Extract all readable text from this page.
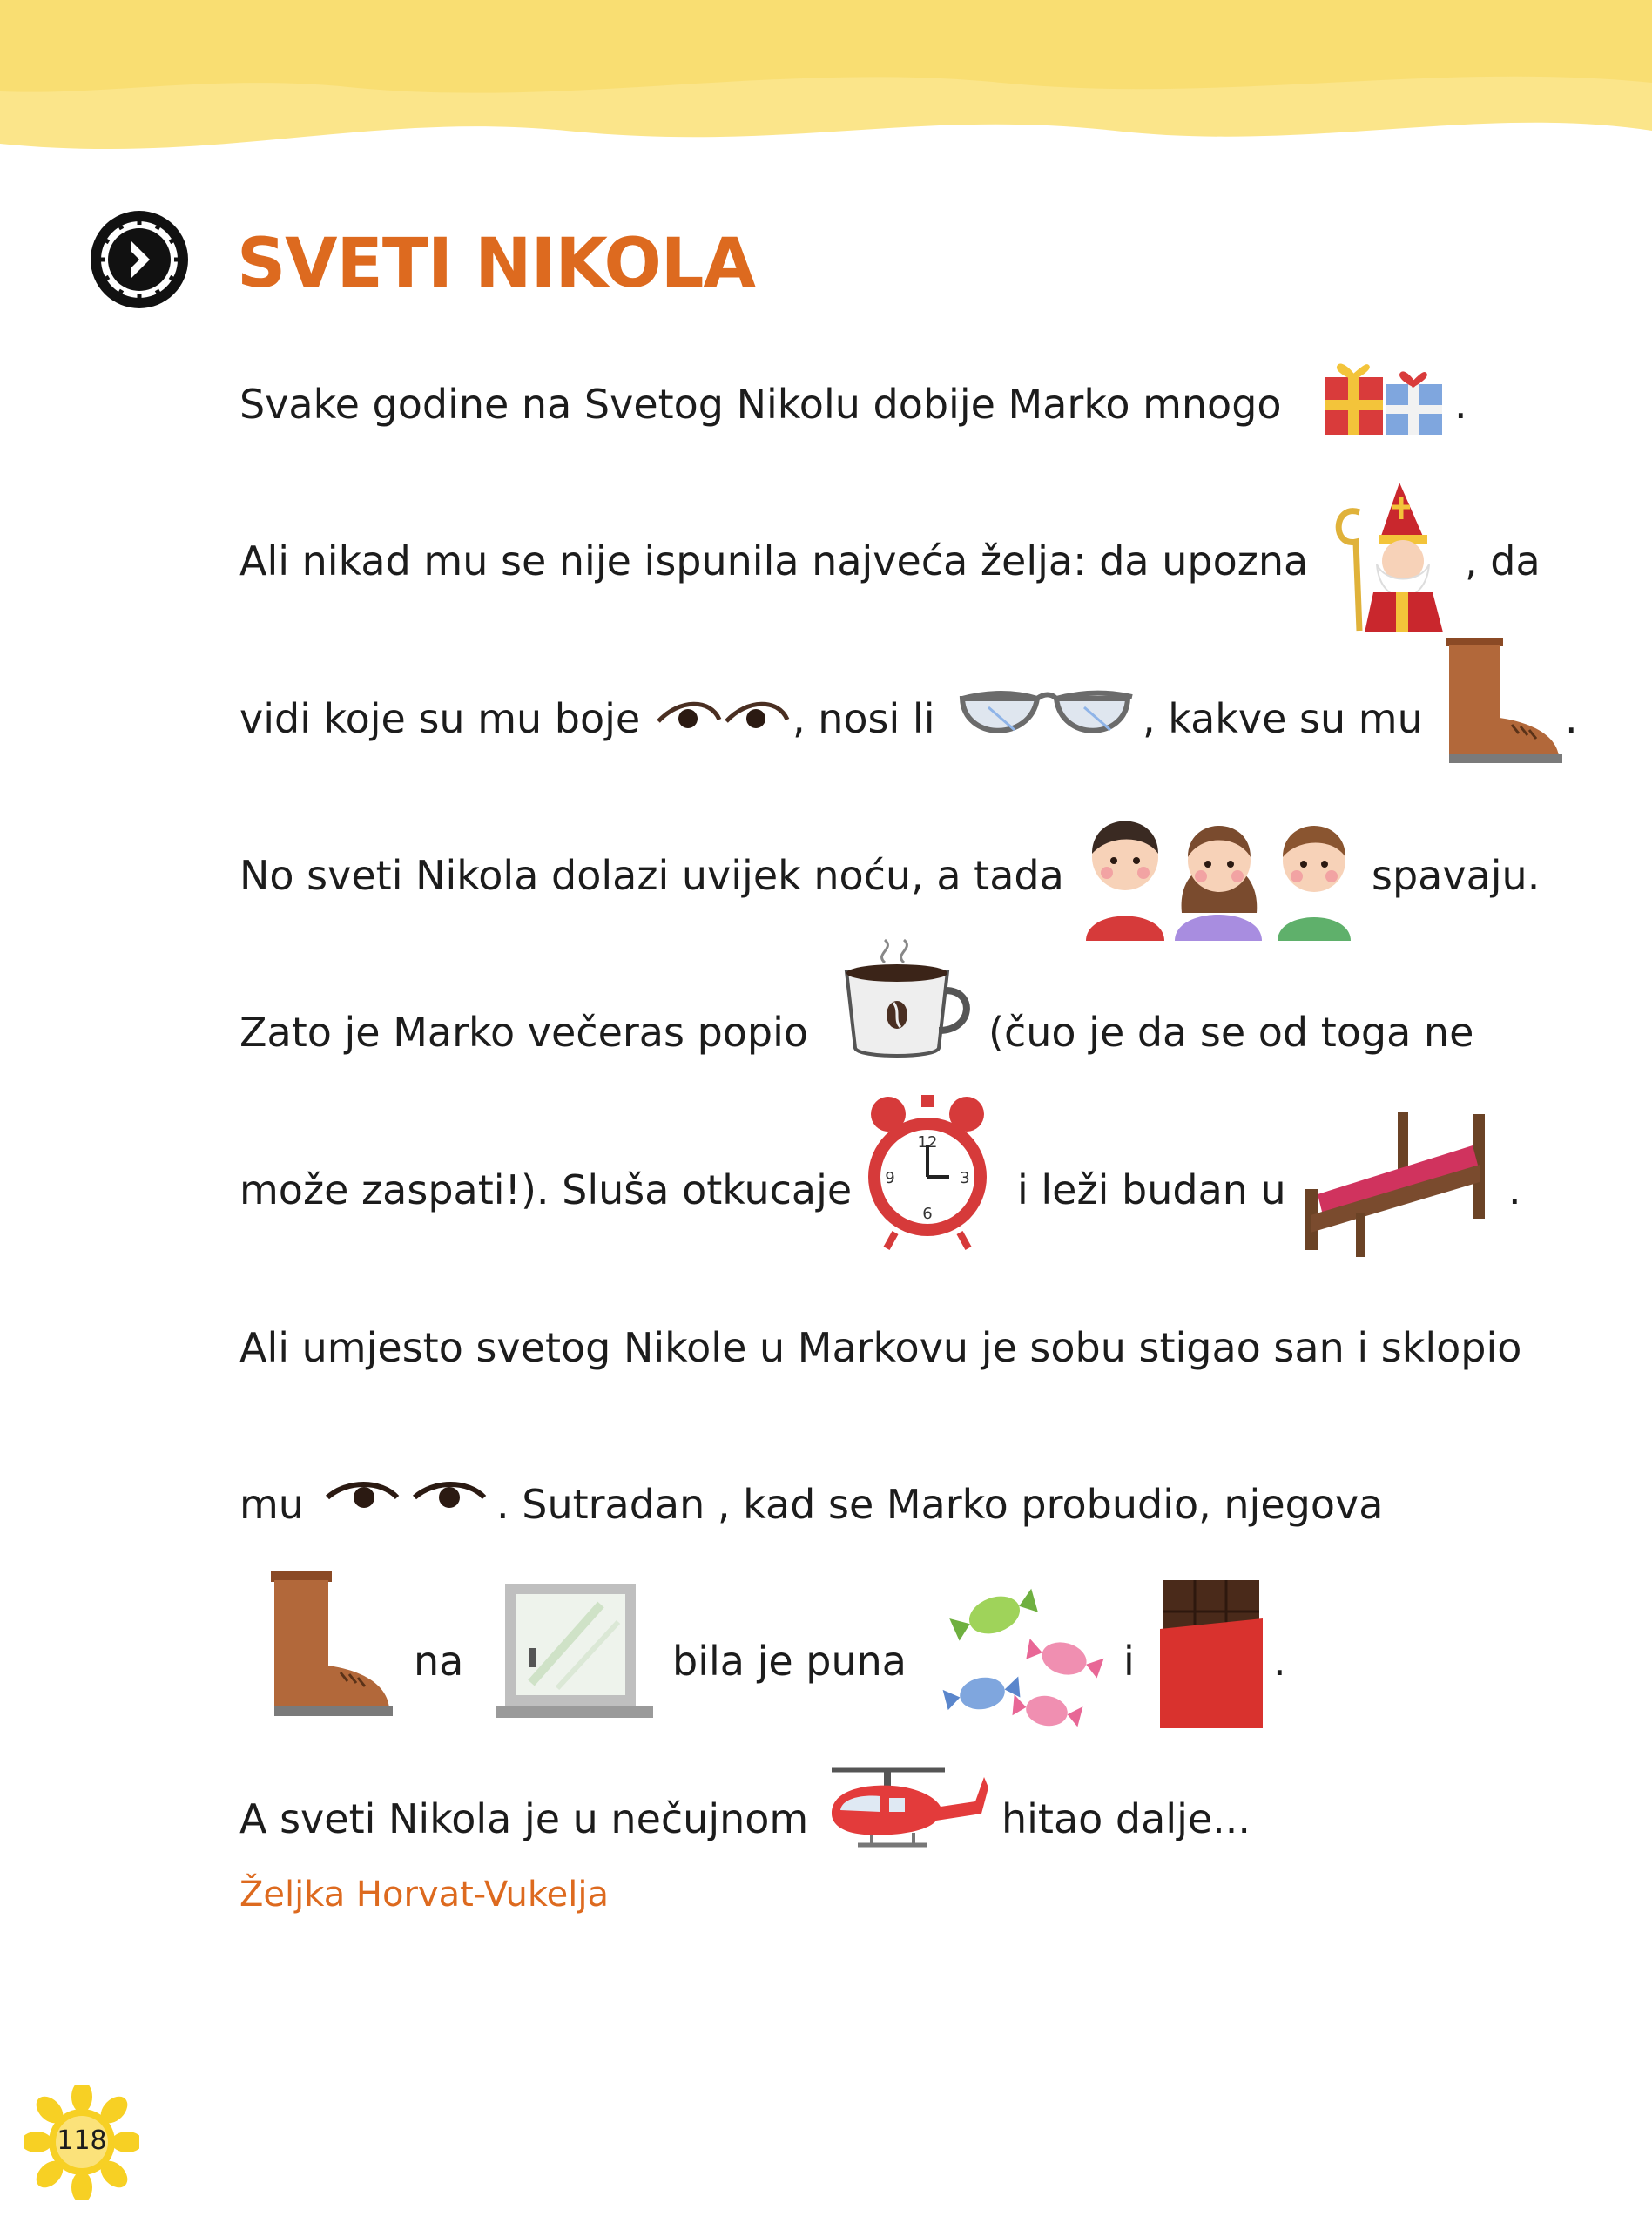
SVETI NIKOLA
Svake godine na Svetog Nikolu dobije Marko mnogo	.
Ali nikad mu se nije ispunila najveća želja: da upozna	, da
vidi koje su mu boje	, nosi li	, kakve su mu	.
No sveti Nikola dolazi uvijek noću, a tada	spavaju.
Zato je Marko večeras popio	(čuo je da se od toga ne
može zaspati!). Sluša otkucaje
12
3
6
9	i leži budan u	.
Ali umjesto svetog Nikole u Markovu je sobu stigao san i sklopio
mu	. Sutradan , kad se Marko probudio, njegova
na	bila je puna	i	.
A sveti Nikola je u nečujnom	hitao dalje...
Željka Horvat-Vukelja
118
